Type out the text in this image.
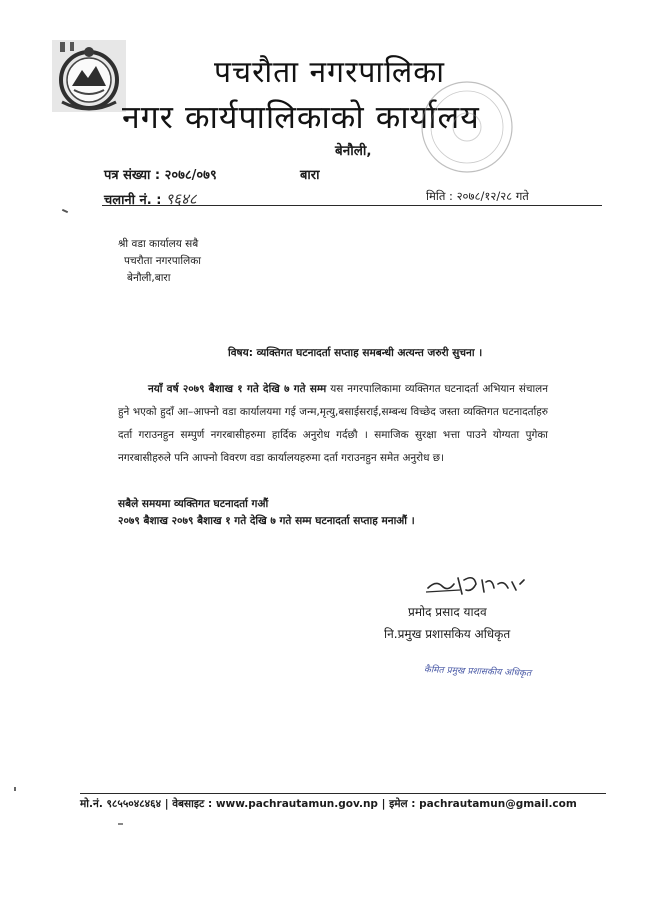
पचरौता नगरपालिका
नगर कार्यपालिकाको कार्यालय
बेनौली,
बारा
पत्र संख्या : २०७८/०७९
चलानी नं. : ९६४८	मिति : २०७८/१२/२८ गते
श्री वडा कार्यालय सबै
पचरौता नगरपालिका
बेनौली,बारा
विषय: व्यक्तिगत घटनादर्ता सप्ताह समबन्धी अत्यन्त जरुरी सुचना ।
नयाँ वर्ष २०७९ बैशाख १ गते देखि ७ गते सम्म यस नगरपालिकामा व्यक्तिगत घटनादर्ता अभियान संचालन हुने भएको हुदाँ आ–आफ्नो वडा कार्यालयमा गई जन्म,मृत्यु,बसाईसराई,सम्बन्ध विच्छेद जस्ता व्यक्तिगत घटनादर्ताहरु दर्ता गराउनहुन सम्पुर्ण नगरबासीहरुमा हार्दिक अनुरोध गर्दछौ । समाजिक सुरक्षा भत्ता पाउने योग्यता पुगेका नगरबासीहरुले पनि आफ्नो विवरण वडा कार्यालयहरुमा दर्ता गराउनहुन समेत अनुरोध छ।
सबैले समयमा व्यक्तिगत घटनादर्ता गऔं
२०७९ बैशाख २०७९ बैशाख १ गते देखि ७ गते सम्म घटनादर्ता सप्ताह मनाऔं ।
प्रमोद प्रसाद यादव
नि.प्रमुख प्रशासकिय अधिकृत
कैमित प्रमुख प्रशासकीय अधिकृत
मो.नं. ९८५५०४८४६४ | वेबसाइट : www.pachrautamun.gov.np | इमेल : pachrautamun@gmail.com
